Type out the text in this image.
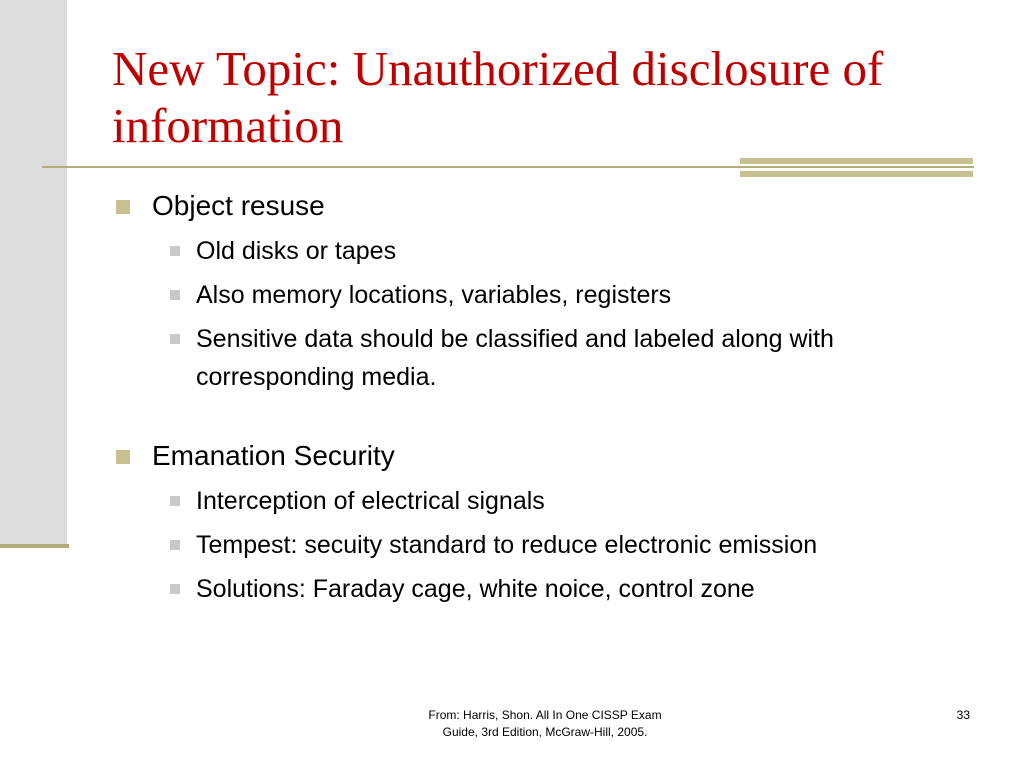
New Topic: Unauthorized disclosure of information
Object resuse
Old disks or tapes
Also memory locations, variables, registers
Sensitive data should be classified and labeled along with corresponding media.
Emanation Security
Interception of electrical signals
Tempest: secuity standard to reduce electronic emission
Solutions: Faraday cage, white noice, control zone
From: Harris, Shon. All In One CISSP Exam
Guide, 3rd Edition, McGraw-Hill, 2005.
33
